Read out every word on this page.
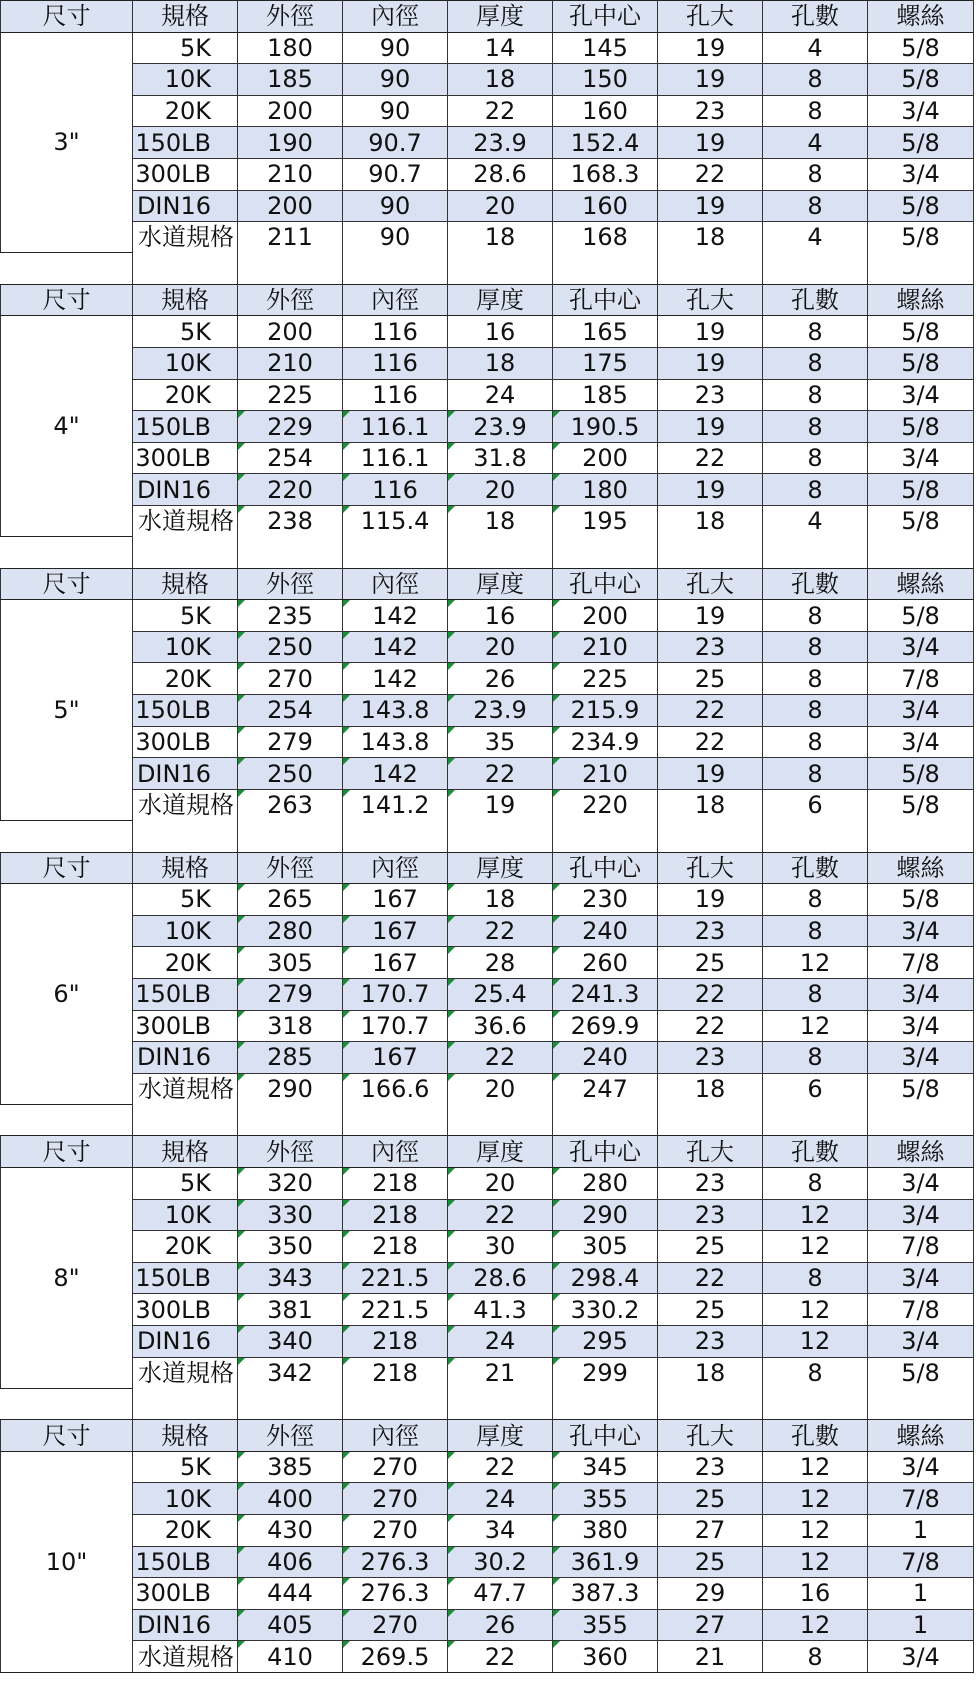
尺寸	規格	外徑	內徑	厚度	孔中心	孔大	孔數	螺絲
3"	5K	180	90	14	145	19	4	5/8
	10K	185	90	18	150	19	8	5/8
	20K	200	90	22	160	23	8	3/4
	150LB	190	90.7	23.9	152.4	19	4	5/8
	300LB	210	90.7	28.6	168.3	22	8	3/4
	DIN16	200	90	20	160	19	8	5/8
	水道規格	211	90	18	168	18	4	5/8

尺寸	規格	外徑	內徑	厚度	孔中心	孔大	孔數	螺絲
4"	5K	200	116	16	165	19	8	5/8
	10K	210	116	18	175	19	8	5/8
	20K	225	116	24	185	23	8	3/4
	150LB	229	116.1	23.9	190.5	19	8	5/8
	300LB	254	116.1	31.8	200	22	8	3/4
	DIN16	220	116	20	180	19	8	5/8
	水道規格	238	115.4	18	195	18	4	5/8

尺寸	規格	外徑	內徑	厚度	孔中心	孔大	孔數	螺絲
5"	5K	235	142	16	200	19	8	5/8
	10K	250	142	20	210	23	8	3/4
	20K	270	142	26	225	25	8	7/8
	150LB	254	143.8	23.9	215.9	22	8	3/4
	300LB	279	143.8	35	234.9	22	8	3/4
	DIN16	250	142	22	210	19	8	5/8
	水道規格	263	141.2	19	220	18	6	5/8

尺寸	規格	外徑	內徑	厚度	孔中心	孔大	孔數	螺絲
6"	5K	265	167	18	230	19	8	5/8
	10K	280	167	22	240	23	8	3/4
	20K	305	167	28	260	25	12	7/8
	150LB	279	170.7	25.4	241.3	22	8	3/4
	300LB	318	170.7	36.6	269.9	22	12	3/4
	DIN16	285	167	22	240	23	8	3/4
	水道規格	290	166.6	20	247	18	6	5/8

尺寸	規格	外徑	內徑	厚度	孔中心	孔大	孔數	螺絲
8"	5K	320	218	20	280	23	8	3/4
	10K	330	218	22	290	23	12	3/4
	20K	350	218	30	305	25	12	7/8
	150LB	343	221.5	28.6	298.4	22	8	3/4
	300LB	381	221.5	41.3	330.2	25	12	7/8
	DIN16	340	218	24	295	23	12	3/4
	水道規格	342	218	21	299	18	8	5/8

尺寸	規格	外徑	內徑	厚度	孔中心	孔大	孔數	螺絲
10"	5K	385	270	22	345	23	12	3/4
	10K	400	270	24	355	25	12	7/8
	20K	430	270	34	380	27	12	1
	150LB	406	276.3	30.2	361.9	25	12	7/8
	300LB	444	276.3	47.7	387.3	29	16	1
	DIN16	405	270	26	355	27	12	1
	水道規格	410	269.5	22	360	21	8	3/4
